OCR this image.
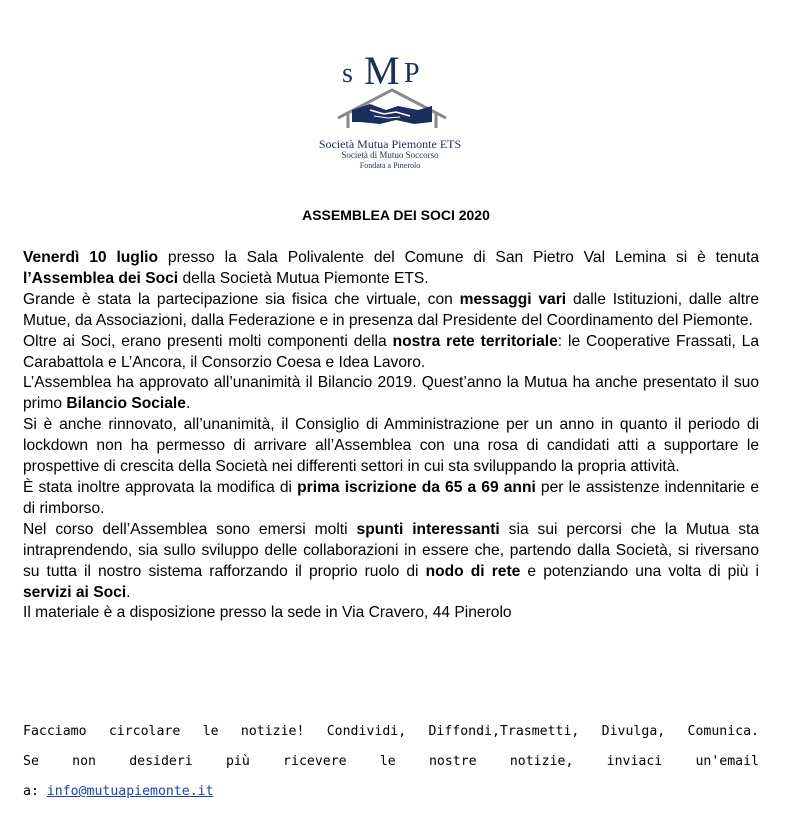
s M P
Società Mutua Piemonte ETS
Società di Mutuo Soccorso
Fondata a Pinerolo
ASSEMBLEA DEI SOCI 2020

Venerdì 10 luglio presso la Sala Polivalente del Comune di San Pietro Val Lemina si è tenuta l’Assemblea dei Soci della Società Mutua Piemonte ETS.

Grande è stata la partecipazione sia fisica che virtuale, con messaggi vari dalle Istituzioni, dalle altre Mutue, da Associazioni, dalla Federazione e in presenza dal Presidente del Coordinamento del Piemonte.

Oltre ai Soci, erano presenti molti componenti della nostra rete territoriale: le Cooperative Frassati, La Carabattola e L’Ancora, il Consorzio Coesa e Idea Lavoro.

L’Assemblea ha approvato all’unanimità il Bilancio 2019. Quest’anno la Mutua ha anche presentato il suo primo Bilancio Sociale.

Si è anche rinnovato, all’unanimità, il Consiglio di Amministrazione per un anno in quanto il periodo di lockdown non ha permesso di arrivare all’Assemblea con una rosa di candidati atti a supportare le prospettive di crescita della Società nei differenti settori in cui sta sviluppando la propria attività.

È stata inoltre approvata la modifica di prima iscrizione da 65 a 69 anni per le assistenze indennitarie e di rimborso.

Nel corso dell’Assemblea sono emersi molti spunti interessanti sia sui percorsi che la Mutua sta intraprendendo, sia sullo sviluppo delle collaborazioni in essere che, partendo dalla Società, si riversano su tutta il nostro sistema rafforzando il proprio ruolo di nodo di rete e potenziando una volta di più i servizi ai Soci.

Il materiale è a disposizione presso la sede in Via Cravero, 44 Pinerolo

Facciamo circolare le notizie! Condividi, Diffondi,Trasmetti, Divulga, Comunica.

Se non desideri più ricevere le nostre notizie, inviaci un'email

a: info@mutuapiemonte.it
